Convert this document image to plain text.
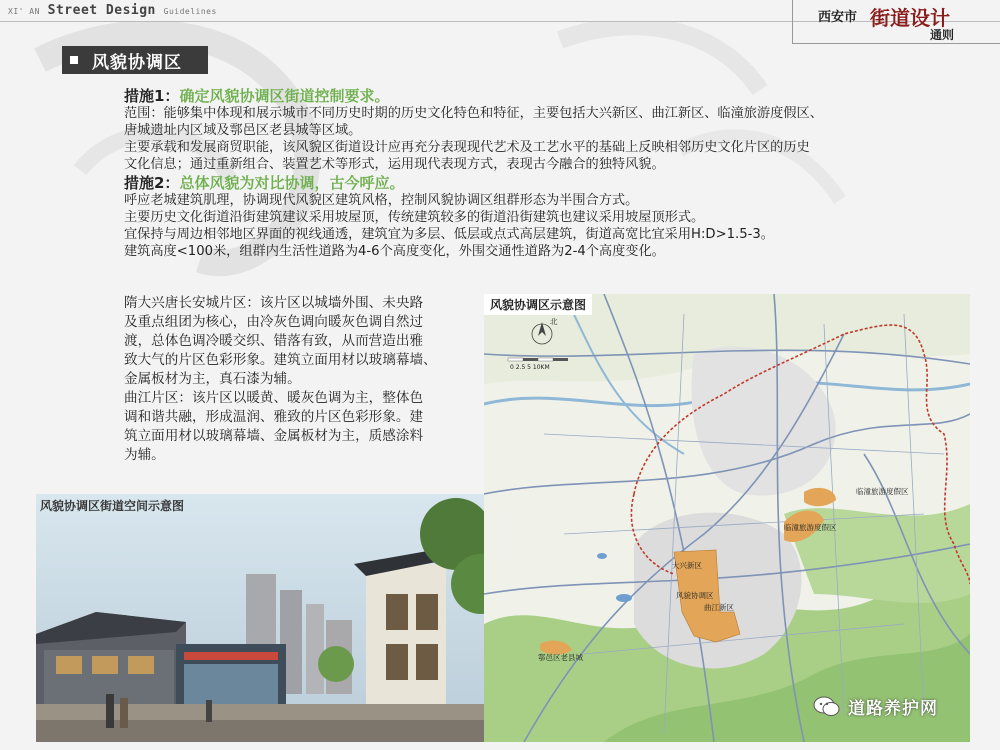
XI' AN Street Design Guidelines	西安市 街道设计
通则
风貌协调区
措施1：确定风貌协调区街道控制要求。
范围：能够集中体现和展示城市不同历史时期的历史文化特色和特征，主要包括大兴新区、曲江新区、临潼旅游度假区、
唐城遗址内区域及鄠邑区老县城等区域。
主要承载和发展商贸职能，该风貌区街道设计应再充分表现现代艺术及工艺水平的基础上反映相邻历史文化片区的历史
文化信息；通过重新组合、装置艺术等形式，运用现代表现方式，表现古今融合的独特风貌。
措施2：总体风貌为对比协调，古今呼应。
呼应老城建筑肌理，协调现代风貌区建筑风格，控制风貌协调区组群形态为半围合方式。
主要历史文化街道沿街建筑建议采用坡屋顶，传统建筑较多的街道沿街建筑也建议采用坡屋顶形式。
宜保持与周边相邻地区界面的视线通透，建筑宜为多层、低层或点式高层建筑，街道高宽比宜采用H:D>1.5-3。
建筑高度<100米，组群内生活性道路为4-6个高度变化，外围交通性道路为2-4个高度变化。
隋大兴唐长安城片区：该片区以城墙外围、未央路
及重点组团为核心，由冷灰色调向暖灰色调自然过
渡，总体色调冷暖交织、错落有致，从而营造出雅
致大气的片区色彩形象。建筑立面用材以玻璃幕墙、
金属板材为主，真石漆为辅。
曲江片区：该片区以暖黄、暖灰色调为主，整体色
调和谐共融，形成温润、雅致的片区色彩形象。建
筑立面用材以玻璃幕墙、金属板材为主，质感涂料
为辅。
风貌协调区街道空间示意图
风貌协调区示意图
北
0 2.5 5 10KM
临潼旅游度假区
临潼旅游度假区
大兴新区
风貌协调区
曲江新区
鄠邑区老县城
道路养护网
